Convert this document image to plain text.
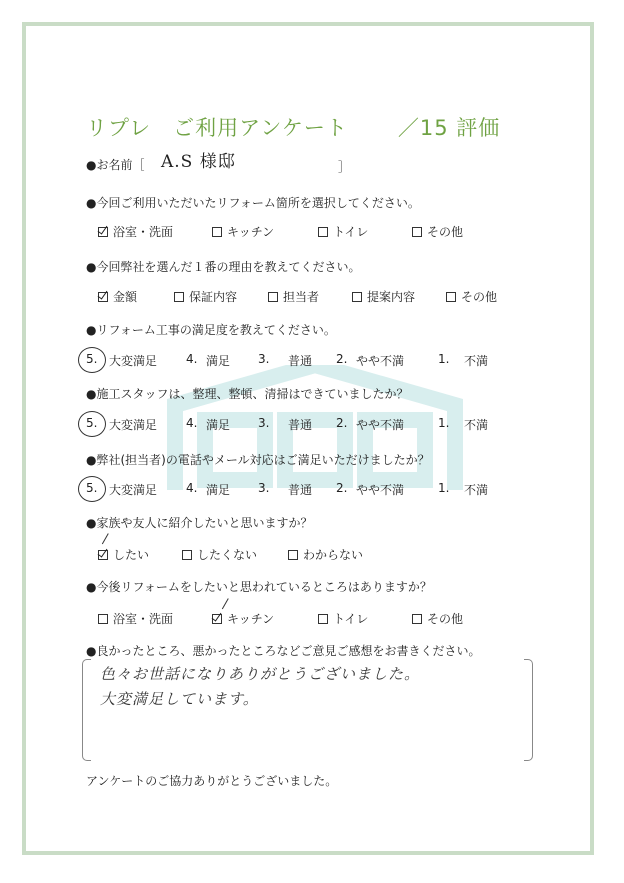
リプレ　ご利用アンケート ／15 評価
●お名前［ A.S 様邸	］
●今回ご利用いただいたリフォーム箇所を選択してください。
浴室・洗面	キッチン	トイレ	その他
●今回弊社を選んだ１番の理由を教えてください。
金額	保証内容	担当者	提案内容	その他
●リフォーム工事の満足度を教えてください。
5. 大変満足 4. 満足 3. 普通 2. やや不満	1. 不満
●施工スタッフは、整理、整頓、清掃はできていましたか？
5. 大変満足 4. 満足 3. 普通 2. やや不満	1. 不満
●弊社(担当者)の電話やメール対応はご満足いただけましたか？
5. 大変満足 4. 満足 3. 普通 2. やや不満	1. 不満
●家族や友人に紹介したいと思いますか？
したい	したくない	わからない
●今後リフォームをしたいと思われているところはありますか？
浴室・洗面	キッチン	トイレ	その他
●良かったところ、悪かったところなどご意見ご感想をお書きください。
色々お世話になりありがとうございました。
大変満足しています。
アンケートのご協力ありがとうございました。
